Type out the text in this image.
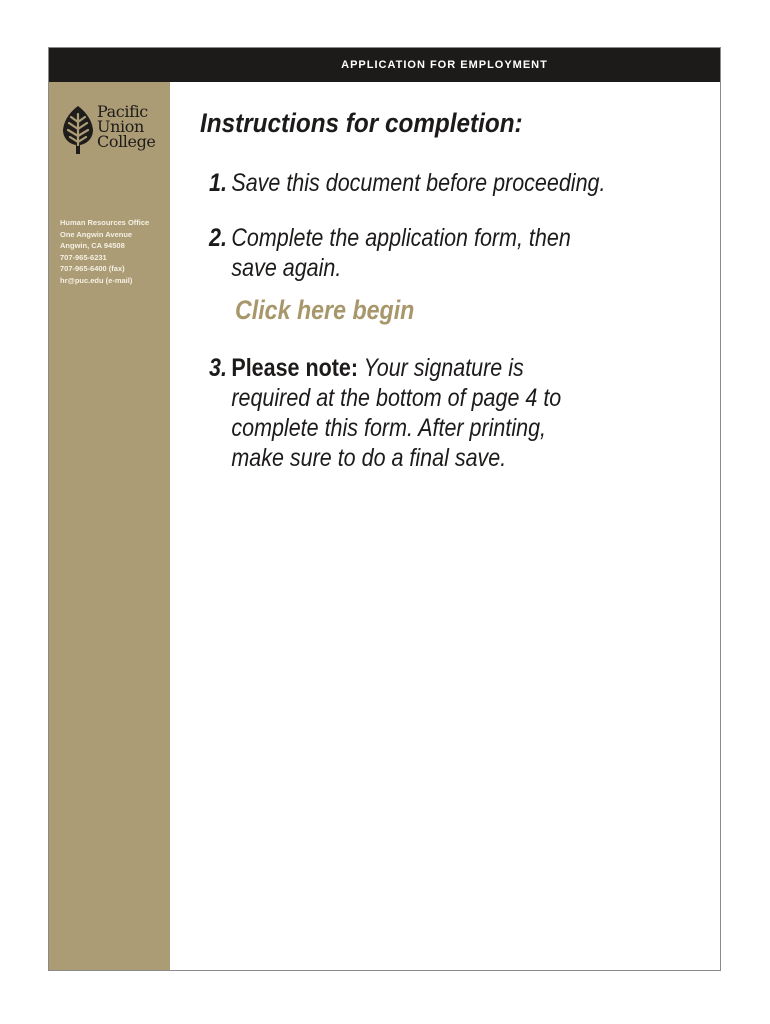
APPLICATION FOR EMPLOYMENT
Pacific
Union
College
Human Resources Office
One Angwin Avenue
Angwin, CA 94508
707-965-6231
707-965-6400 (fax)
hr@puc.edu (e-mail)
Instructions for completion:
1. Save this document before proceeding.
2. Complete the application form, then
save again.
Click here begin
3. Please note: Your signature is
required at the bottom of page 4 to
complete this form. After printing,
make sure to do a final save.
